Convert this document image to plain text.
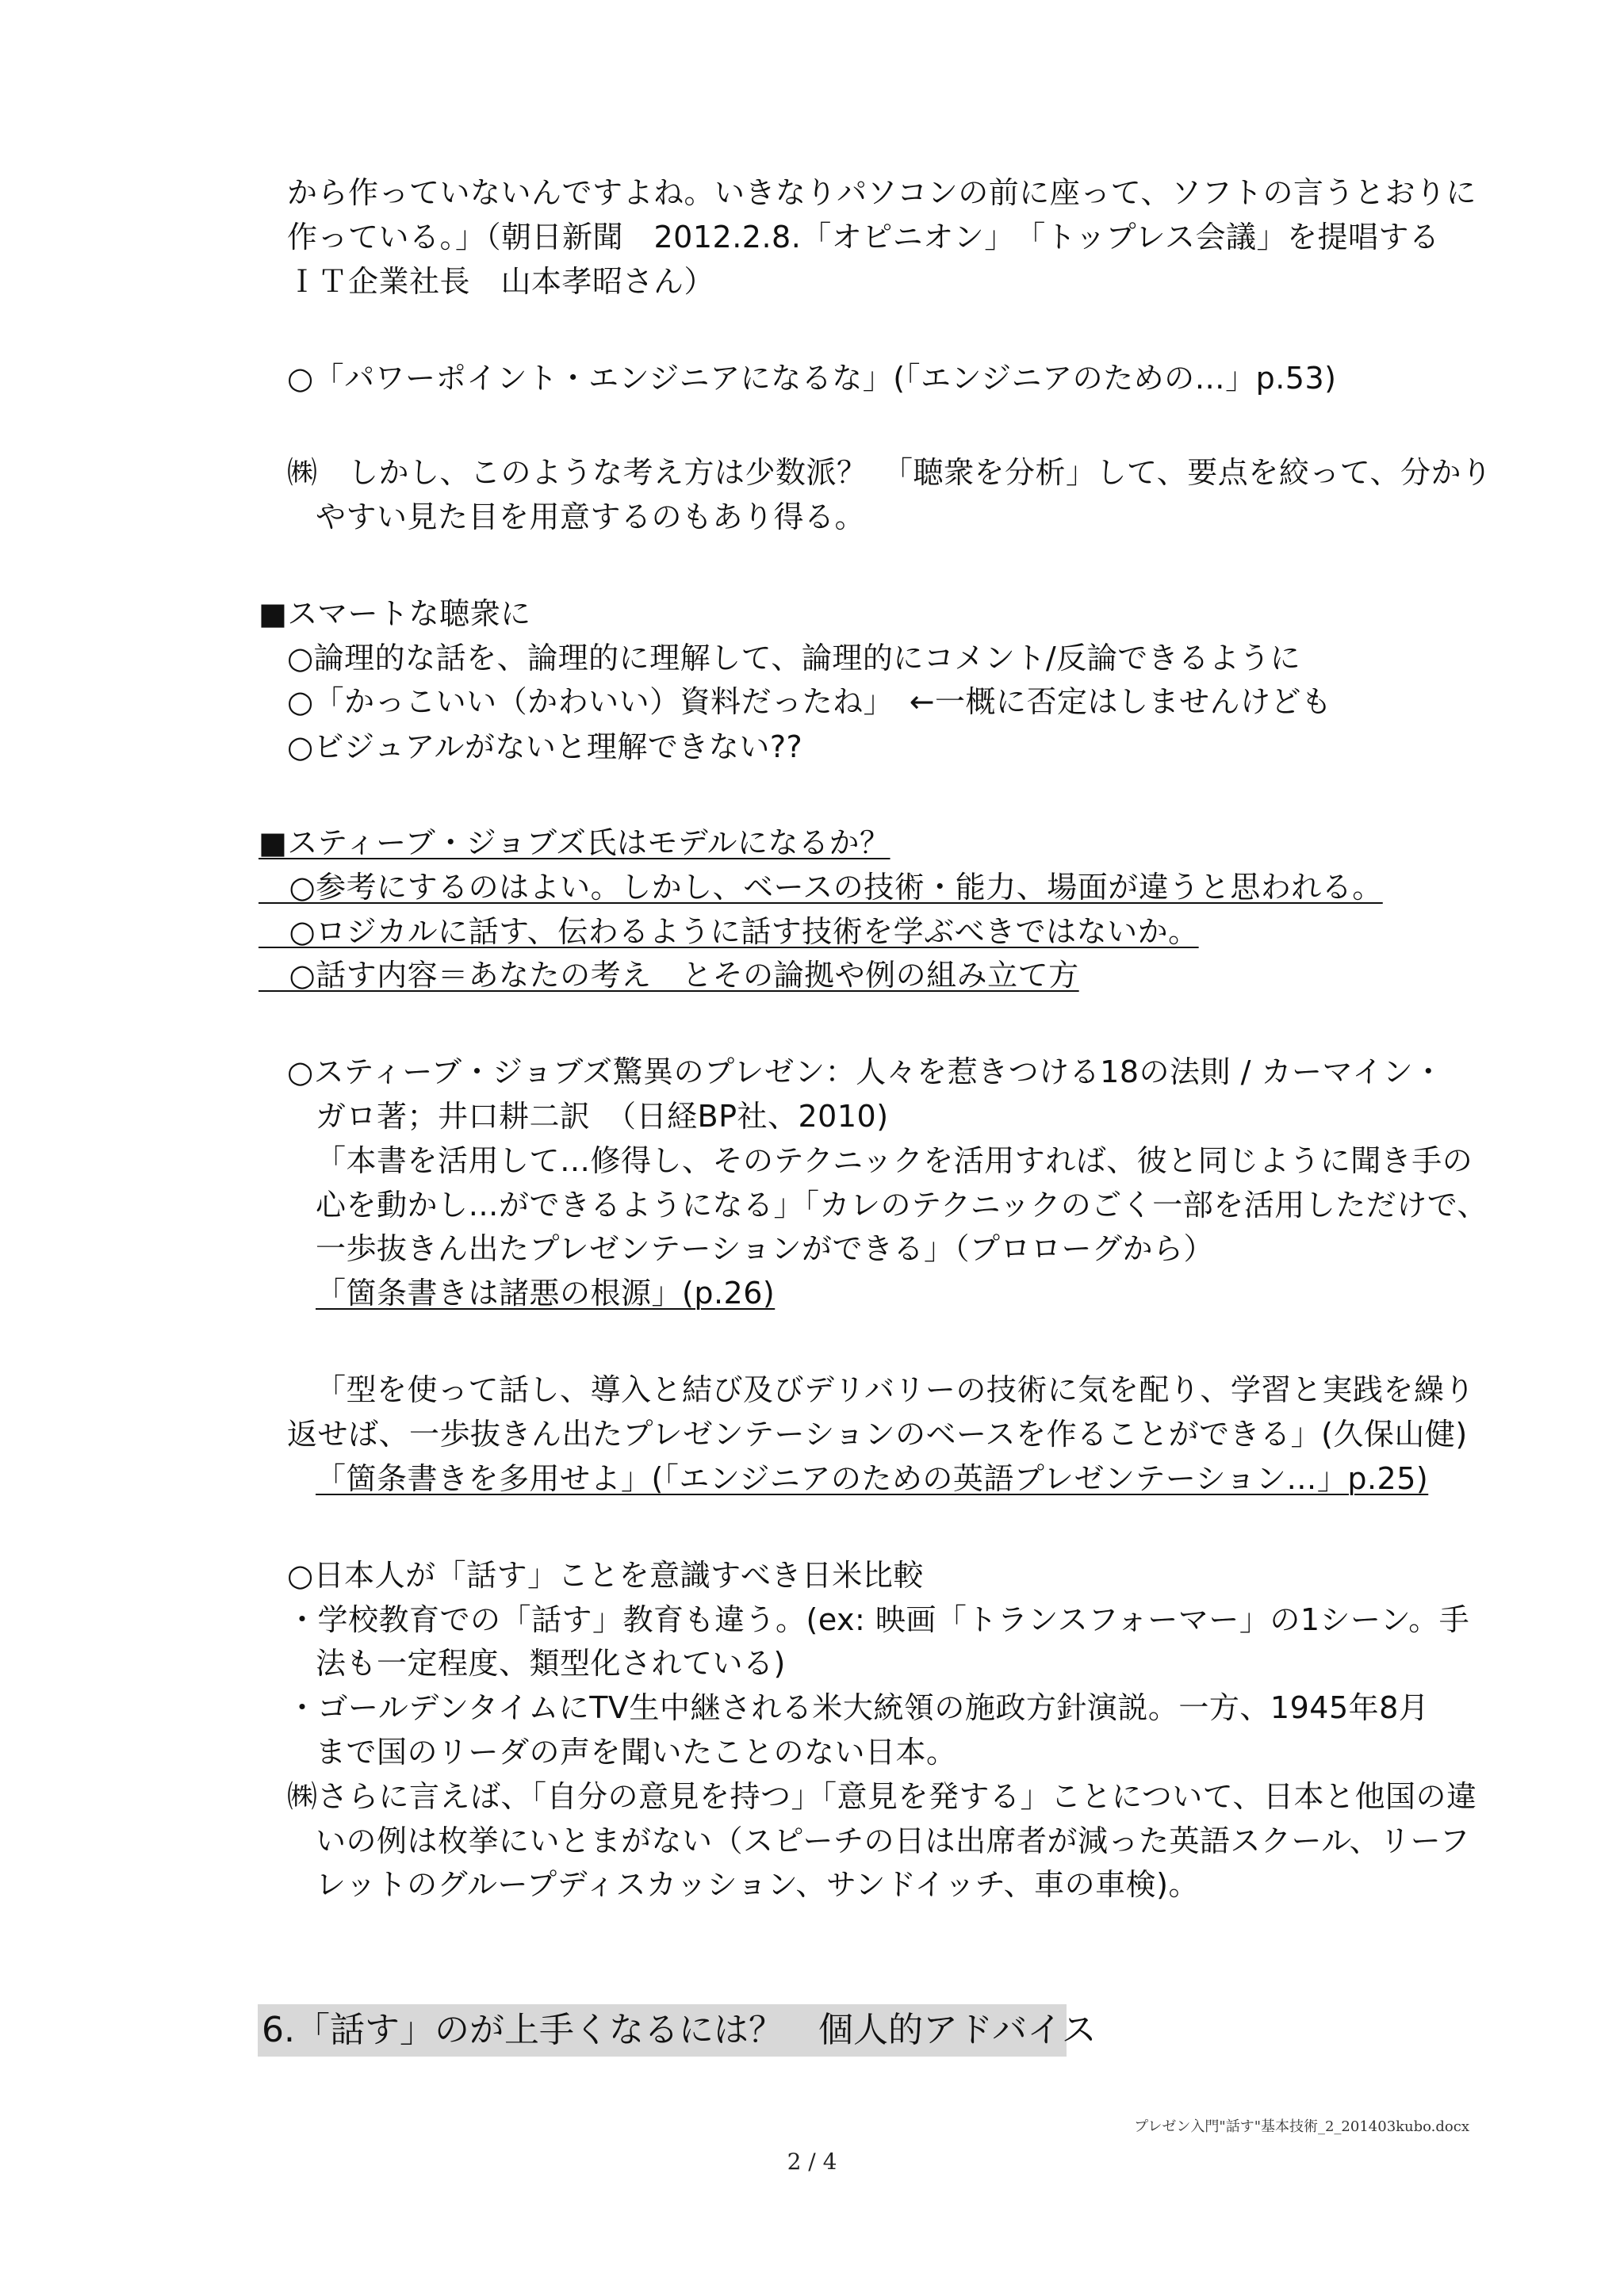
から作っていないんですよね。いきなりパソコンの前に座って、ソフトの言うとおりに
作っている。」（朝日新聞　2012.2.8.「オピニオン」　「トップレス会議」を提唱する
ＩＴ企業社長　山本孝昭さん）
○「パワーポイント・エンジニアになるな」(「エンジニアのための…」p.53)
㈱　しかし、このような考え方は少数派？　「聴衆を分析」して、要点を絞って、分かり
やすい見た目を用意するのもあり得る。
■スマートな聴衆に
○論理的な話を、論理的に理解して、論理的にコメント/反論できるように
○「かっこいい（かわいい）資料だったね」　←一概に否定はしませんけども
○ビジュアルがないと理解できない??
■スティーブ・ジョブズ氏はモデルになるか？
　○参考にするのはよい。しかし、ベースの技術・能力、場面が違うと思われる。
　○ロジカルに話す、伝わるように話す技術を学ぶべきではないか。
　○話す内容＝あなたの考え　とその論拠や例の組み立て方
○スティーブ・ジョブズ驚異のプレゼン：人々を惹きつける18の法則 / カーマイン・
ガロ著；井口耕二訳　（日経BP社、2010)
「本書を活用して…修得し、そのテクニックを活用すれば、彼と同じように聞き手の
心を動かし…ができるようになる」「カレのテクニックのごく一部を活用しただけで、
一歩抜きん出たプレゼンテーションができる」（プロローグから）
「箇条書きは諸悪の根源」(p.26)
「型を使って話し、導入と結び及びデリバリーの技術に気を配り、学習と実践を繰り
返せば、一歩抜きん出たプレゼンテーションのベースを作ることができる」(久保山健)
「箇条書きを多用せよ」(「エンジニアのための英語プレゼンテーション…」p.25)
○日本人が「話す」ことを意識すべき日米比較
・学校教育での「話す」教育も違う。(ex: 映画「トランスフォーマー」の1シーン。手
法も一定程度、類型化されている)
・ゴールデンタイムにTV生中継される米大統領の施政方針演説。一方、1945年8月
まで国のリーダの声を聞いたことのない日本。
㈱さらに言えば、「自分の意見を持つ」「意見を発する」ことについて、日本と他国の違
いの例は枚挙にいとまがない（スピーチの日は出席者が減った英語スクール、リーフ
レットのグループディスカッション、サンドイッチ、車の車検)。
6.「話す」のが上手くなるには？　個人的アドバイス
プレゼン入門"話す"基本技術_2_201403kubo.docx
2 / 4
